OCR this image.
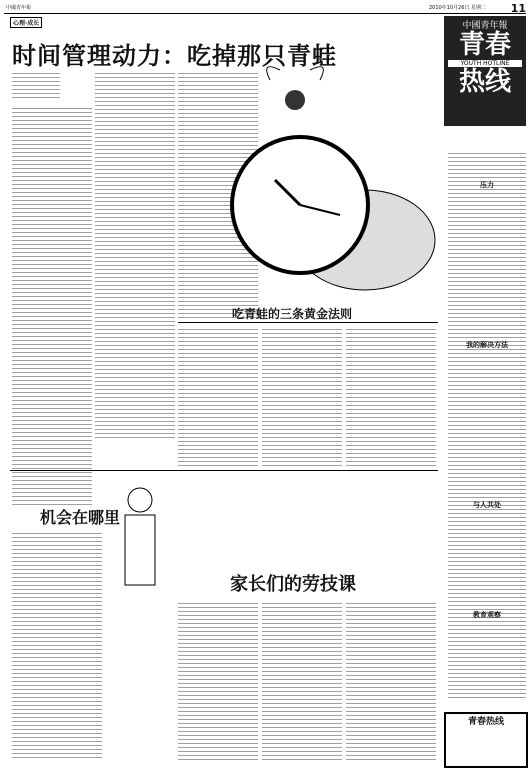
中國青年報	2010年10月26日 星期二 11
心理·成长
时间管理动力：吃掉那只青蛙
中國青年報
青春
YOUTH HOTLINE
热线
吃青蛙的三条黄金法则
机会在哪里
家长们的劳技课
压力
我的解决方法
与人共处
教育观察
青春热线
